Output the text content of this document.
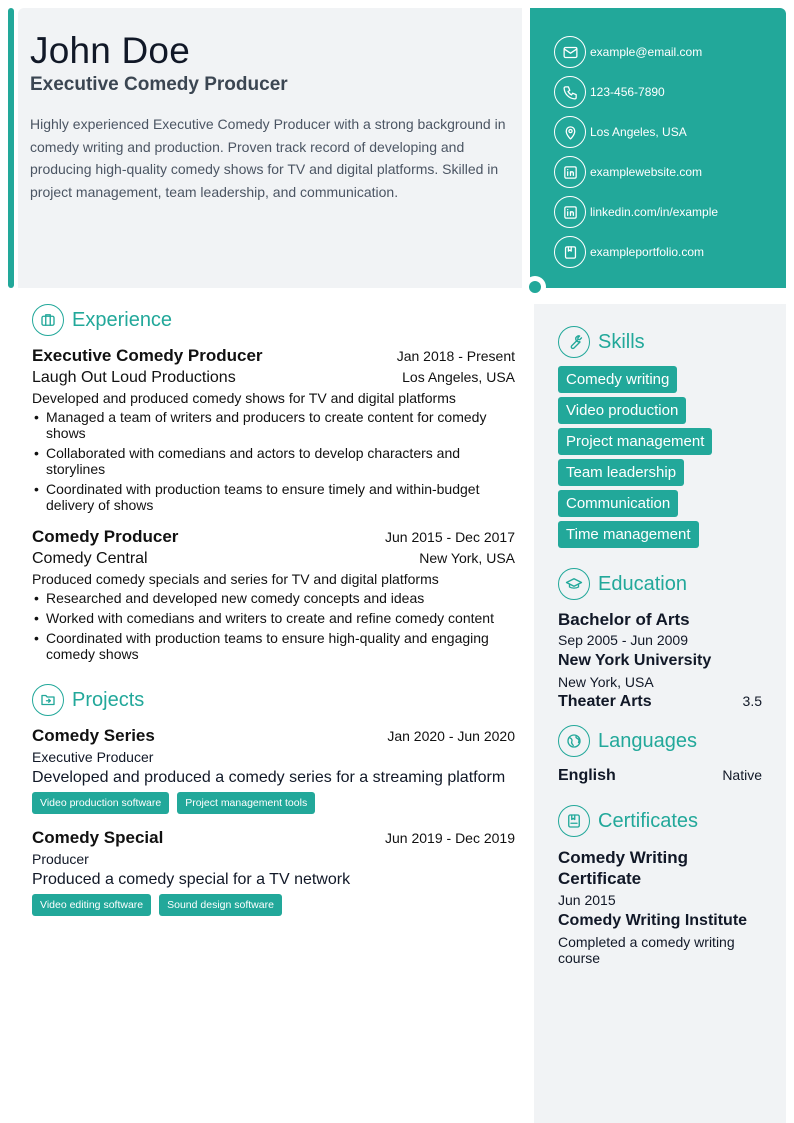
John Doe
Executive Comedy Producer

Highly experienced Executive Comedy Producer with a strong background in comedy writing and production. Proven track record of developing and producing high-quality comedy shows for TV and digital platforms. Skilled in project management, team leadership, and communication.

example@email.com
123-456-7890
Los Angeles, USA
examplewebsite.com
linkedin.com/in/example
exampleportfolio.com
Experience
Executive Comedy Producer	Jan 2018 - Present
Laugh Out Loud Productions	Los Angeles, USA
Developed and produced comedy shows for TV and digital platforms
• Managed a team of writers and producers to create content for comedy shows
• Collaborated with comedians and actors to develop characters and storylines
• Coordinated with production teams to ensure timely and within-budget delivery of shows
Comedy Producer	Jun 2015 - Dec 2017
Comedy Central	New York, USA
Produced comedy specials and series for TV and digital platforms
• Researched and developed new comedy concepts and ideas
• Worked with comedians and writers to create and refine comedy content
• Coordinated with production teams to ensure high-quality and engaging comedy shows
Projects
Comedy Series	Jan 2020 - Jun 2020
Executive Producer
Developed and produced a comedy series for a streaming platform
Video production software	Project management tools
Comedy Special	Jun 2019 - Dec 2019
Producer
Produced a comedy special for a TV network
Video editing software	Sound design software
Skills
Comedy writing
Video production
Project management
Team leadership
Communication
Time management
Education
Bachelor of Arts
Sep 2005 - Jun 2009
New York University
New York, USA
Theater Arts	3.5
Languages
English	Native
Certificates
Comedy Writing Certificate
Jun 2015
Comedy Writing Institute
Completed a comedy writing course
